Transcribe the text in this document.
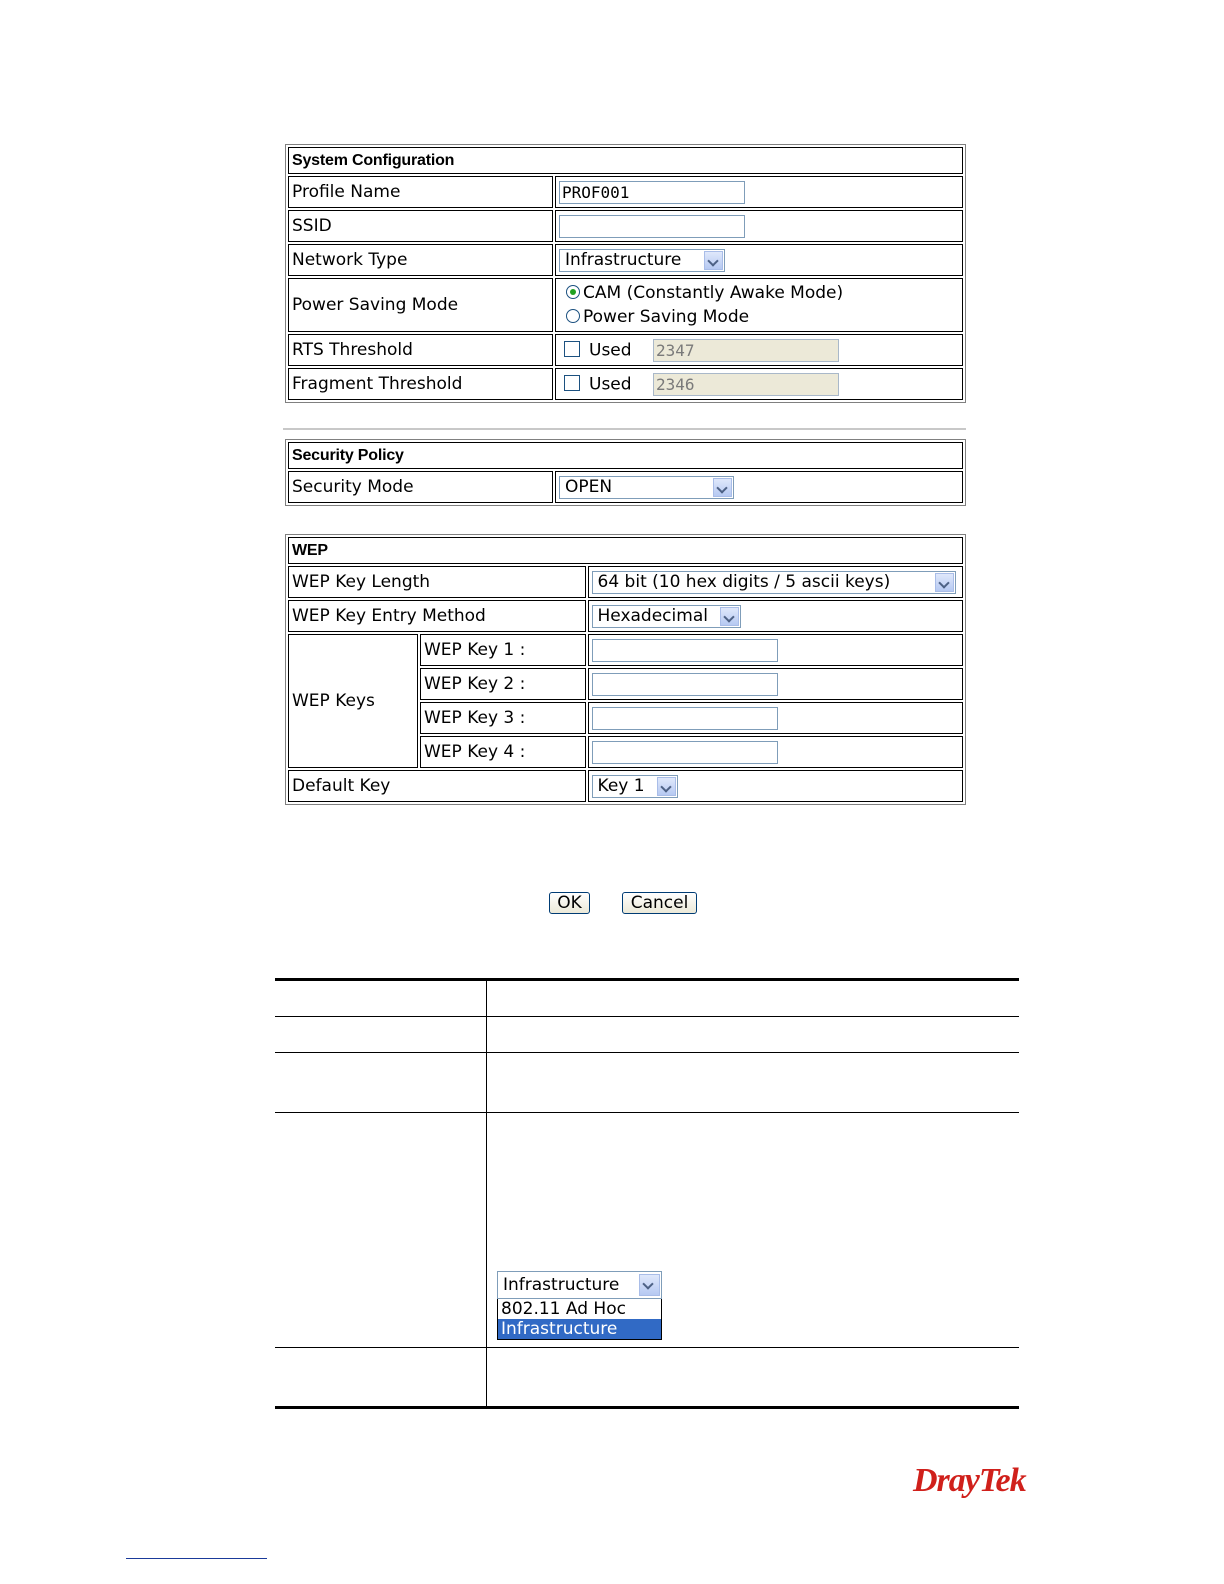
System Configuration	
Profile Name	PROF001
SSID	
Network Type	Infrastructure

Power Saving Mode	CAM (Constantly Awake Mode)
Power Saving Mode

RTS Threshold	Used 2347
Fragment Threshold	Used 2346
Security Policy
Security Mode	OPEN
WEP		
WEP Key Length		64 bit (10 hex digits / 5 ascii keys)

WEP Key Entry Method		Hexadecimal

WEP Keys	WEP Key 1 :	
	WEP Key 2 :	
	WEP Key 3 :	
	WEP Key 4 :	
Default Key		Key 1
OK	Cancel
Infrastructure
802.11 Ad Hoc
Infrastructure
DrayTek
